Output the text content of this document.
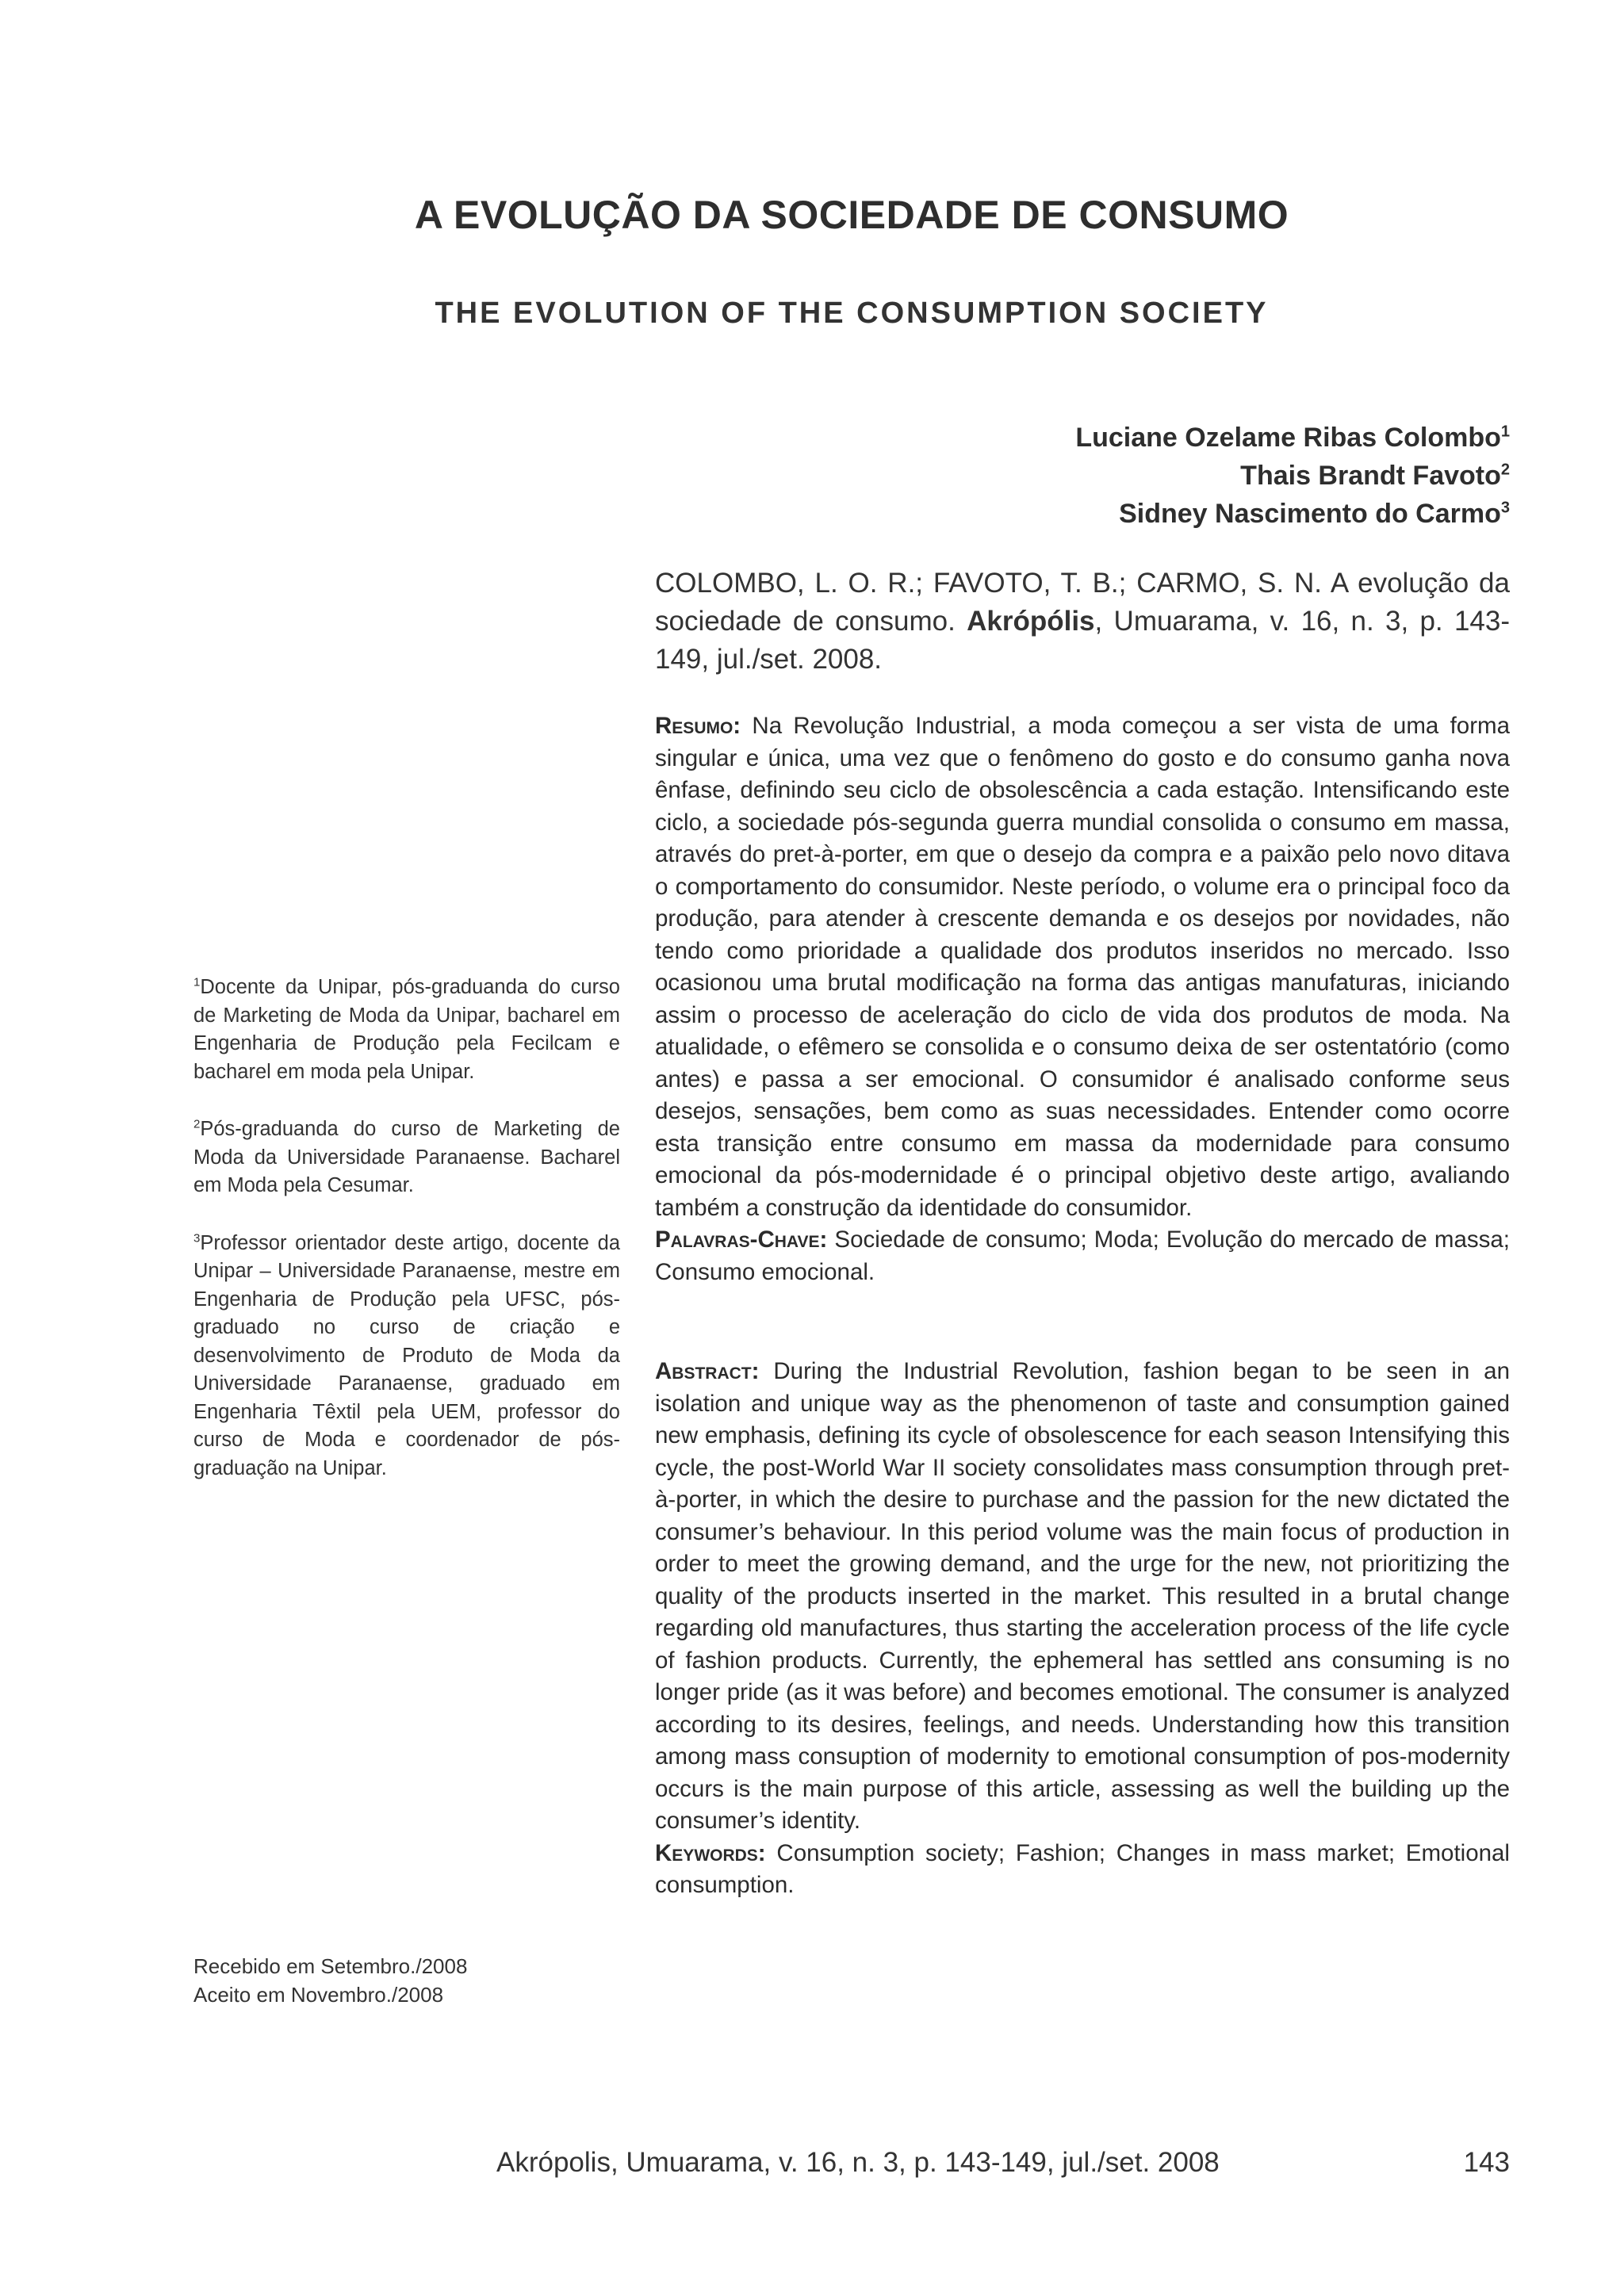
A EVOLUÇÃO DA SOCIEDADE DE CONSUMO
THE EVOLUTION OF THE CONSUMPTION SOCIETY
Luciane Ozelame Ribas Colombo$^1$
Thais Brandt Favoto$^2$
Sidney Nascimento do Carmo$^3$
COLOMBO, L. O. R.; FAVOTO, T. B.; CARMO, S. N. A evolução da sociedade de consumo. Akrópólis, Umuarama, v. 16, n. 3, p. 143-149, jul./set. 2008.

Resumo: Na Revolução Industrial, a moda começou a ser vista de uma forma singular e única, uma vez que o fenômeno do gosto e do consumo ganha nova ênfase, definindo seu ciclo de obsolescência a cada estação. Intensificando este ciclo, a sociedade pós-segunda guerra mundial consolida o consumo em massa, através do pret-à-porter, em que o desejo da compra e a paixão pelo novo ditava o comportamento do consumidor. Neste período, o volume era o principal foco da produção, para atender à crescente demanda e os desejos por novidades, não tendo como prioridade a qualidade dos produtos inseridos no mercado. Isso ocasionou uma brutal modificação na forma das antigas manufaturas, iniciando assim o processo de aceleração do ciclo de vida dos produtos de moda. Na atualidade, o efêmero se consolida e o consumo deixa de ser ostentatório (como antes) e passa a ser emocional. O consumidor é analisado conforme seus desejos, sensações, bem como as suas necessidades. Entender como ocorre esta transição entre consumo em massa da modernidade para consumo emocional da pós-modernidade é o principal objetivo deste artigo, avaliando também a construção da identidade do consumidor.

Palavras-Chave: Sociedade de consumo; Moda; Evolução do mercado de massa; Consumo emocional.

Abstract: During the Industrial Revolution, fashion began to be seen in an isolation and unique way as the phenomenon of taste and consumption gained new emphasis, defining its cycle of obsolescence for each season Intensifying this cycle, the post-World War II society consolidates mass consumption through pret-à-porter, in which the desire to purchase and the passion for the new dictated the consumer’s behaviour. In this period volume was the main focus of production in order to meet the growing demand, and the urge for the new, not prioritizing the quality of the products inserted in the market. This resulted in a brutal change regarding old manufactures, thus starting the acceleration process of the life cycle of fashion products. Currently, the ephemeral has settled ans consuming is no longer pride (as it was before) and becomes emotional. The consumer is analyzed according to its desires, feelings, and needs. Understanding how this transition among mass consuption of modernity to emotional consumption of pos-modernity occurs is the main purpose of this article, assessing as well the building up the consumer’s identity.

Keywords: Consumption society; Fashion; Changes in mass market; Emotional consumption.

$^1$Docente da Unipar, pós-graduanda do curso de Marketing de Moda da Unipar, bacharel em Engenharia de Produção pela Fecilcam e bacharel em moda pela Unipar.

$^2$Pós-graduanda do curso de Marketing de Moda da Universidade Paranaense. Bacharel em Moda pela Cesumar.

$^3$Professor orientador deste artigo, docente da Unipar – Universidade Paranaense, mestre em Engenharia de Produção pela UFSC, pós-graduado no curso de criação e desenvolvimento de Produto de Moda da Universidade Paranaense, graduado em Engenharia Têxtil pela UEM, professor do curso de Moda e coordenador de pós-graduação na Unipar.

Recebido em Setembro./2008
Aceito em Novembro./2008
Akrópolis, Umuarama, v. 16, n. 3, p. 143-149, jul./set. 2008	143
